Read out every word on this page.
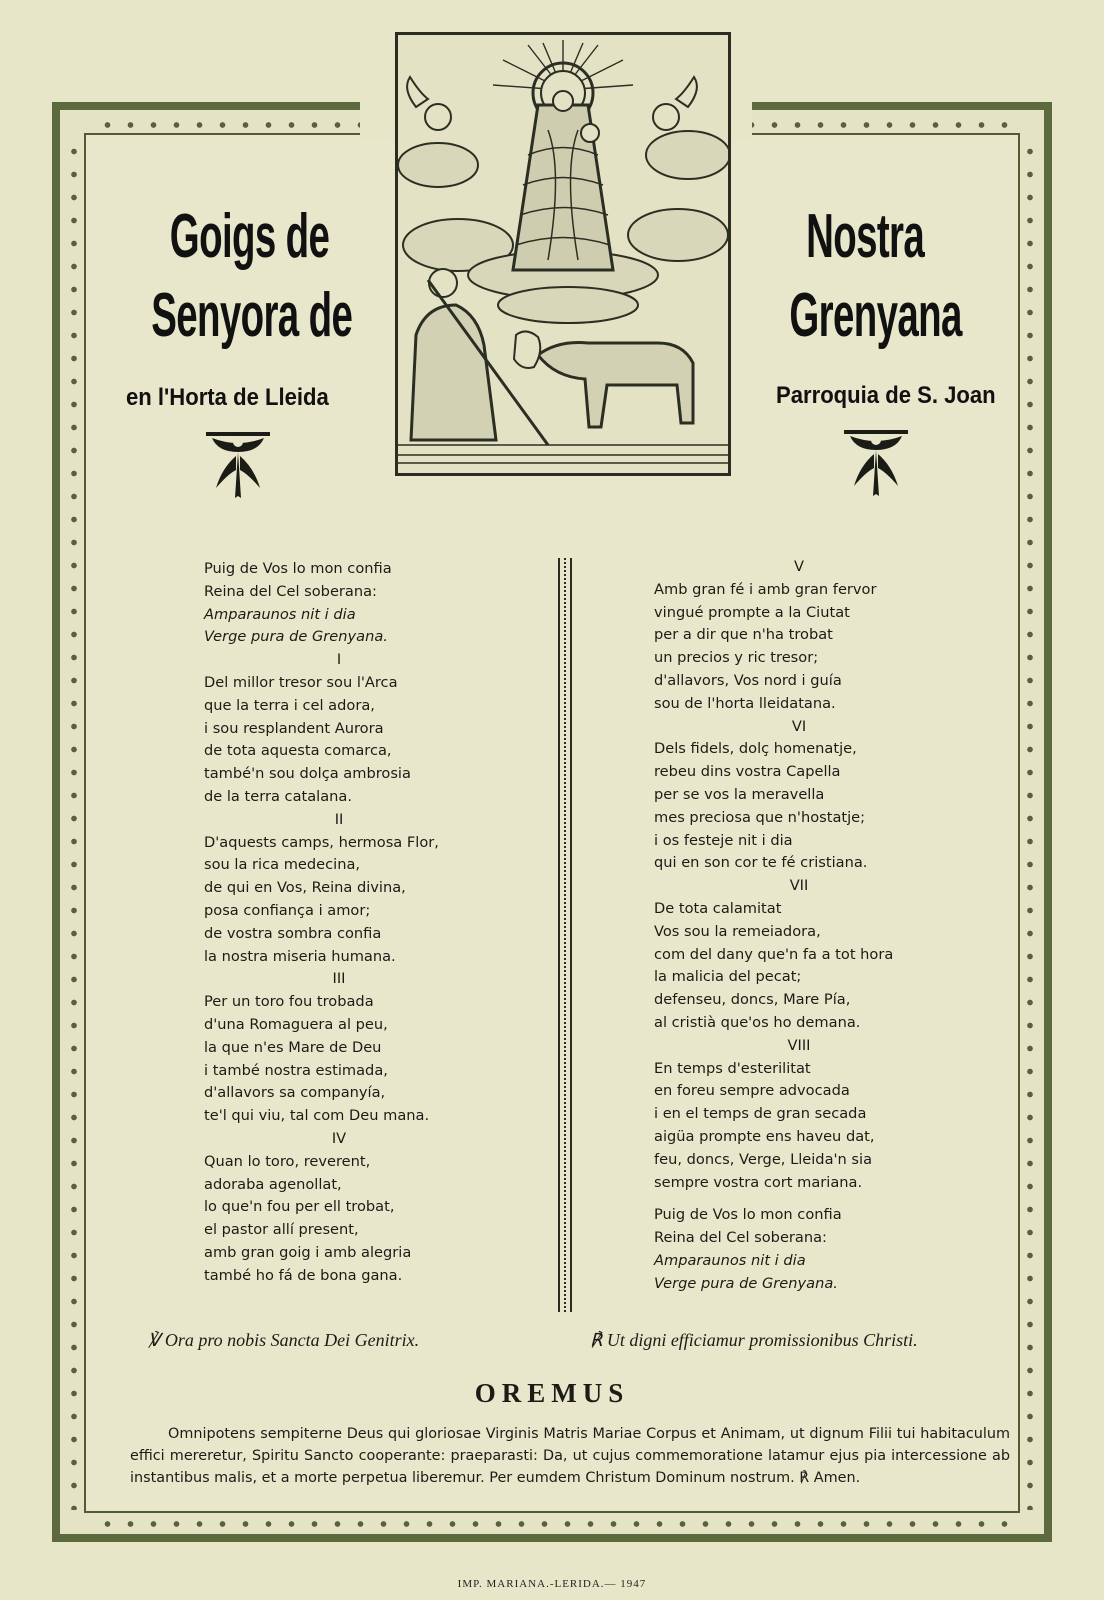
Goigs de
Senyora de
Nostra
Grenyana
en l'Horta de Lleida	Parroquia de S. Joan
Puig de Vos lo mon confia
Reina del Cel soberana:
Amparaunos nit i dia
Verge pura de Grenyana.
I
Del millor tresor sou l'Arca
que la terra i cel adora,
i sou resplandent Aurora
de tota aquesta comarca,
també'n sou dolça ambrosia
de la terra catalana.
II
D'aquests camps, hermosa Flor,
sou la rica medecina,
de qui en Vos, Reina divina,
posa confiança i amor;
de vostra sombra confia
la nostra miseria humana.
III
Per un toro fou trobada
d'una Romaguera al peu,
la que n'es Mare de Deu
i també nostra estimada,
d'allavors sa companyía,
te'l qui viu, tal com Deu mana.
IV
Quan lo toro, reverent,
adoraba agenollat,
lo que'n fou per ell trobat,
el pastor allí present,
amb gran goig i amb alegria
també ho fá de bona gana.
V
Amb gran fé i amb gran fervor
vingué prompte a la Ciutat
per a dir que n'ha trobat
un precios y ric tresor;
d'allavors, Vos nord i guía
sou de l'horta lleidatana.
VI
Dels fidels, dolç homenatje,
rebeu dins vostra Capella
per se vos la meravella
mes preciosa que n'hostatje;
i os festeje nit i dia
qui en son cor te fé cristiana.
VII
De tota calamitat
Vos sou la remeiadora,
com del dany que'n fa a tot hora
la malicia del pecat;
defenseu, doncs, Mare Pía,
al cristià que'os ho demana.
VIII
En temps d'esterilitat
en foreu sempre advocada
i en el temps de gran secada
aigüa prompte ens haveu dat,
feu, doncs, Verge, Lleida'n sia
sempre vostra cort mariana.
Puig de Vos lo mon confia
Reina del Cel soberana:
Amparaunos nit i dia
Verge pura de Grenyana.
℣ Ora pro nobis Sancta Dei Genitrix.	℟ Ut digni efficiamur promissionibus Christi.
OREMUS
Omnipotens sempiterne Deus qui gloriosae Virginis Matris Mariae Corpus et Animam, ut dignum Filii tui habitaculum effici mereretur, Spiritu Sancto cooperante: praeparasti: Da, ut cujus commemoratione latamur ejus pia intercessione ab instantibus malis, et a morte perpetua liberemur. Per eumdem Christum Dominum nostrum. ℟ Amen.
IMP. MARIANA.-LERIDA.— 1947
